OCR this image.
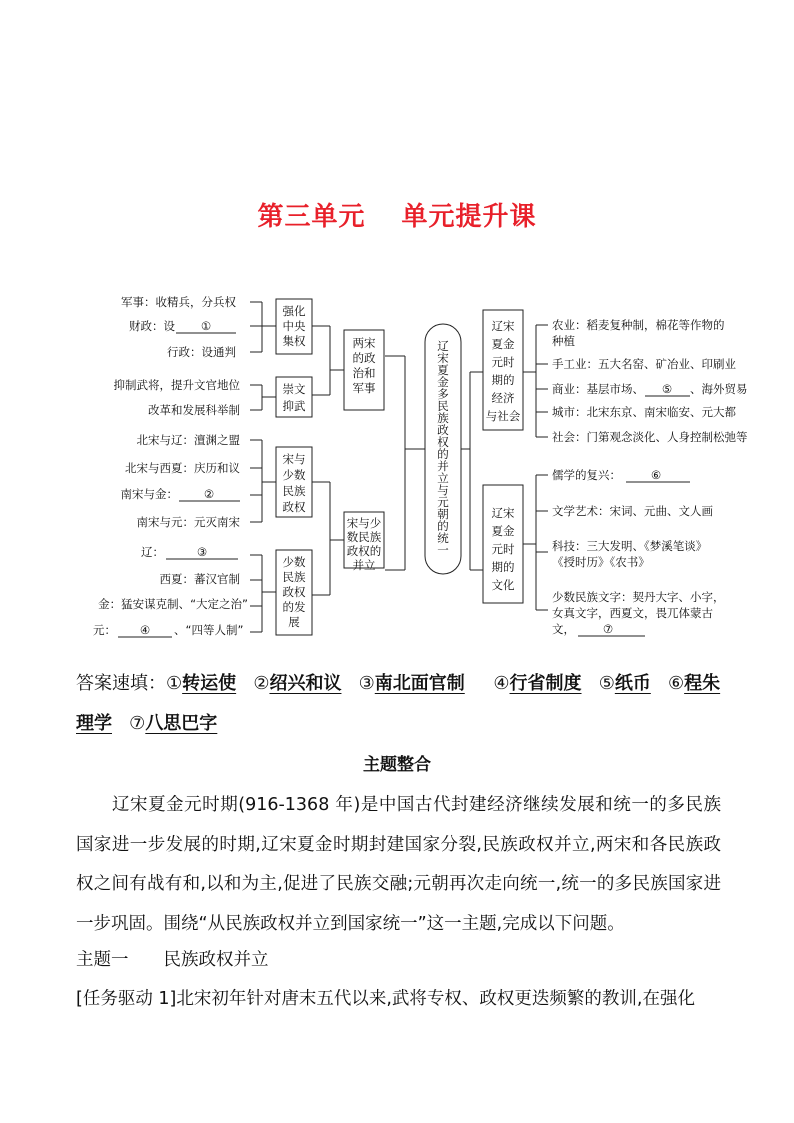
第三单元 单元提升课
辽
宋
夏
金
多
民
族
政
权
的
并
立
与
元
朝
的
统
一
两宋
的政
治和
军事
宋与少
数民族
政权的
并立
强化
中央
集权
军事：收精兵，分兵权
财政：设 ①
行政：设通判
崇文
抑武
抑制武将，提升文官地位
改革和发展科举制
宋与
少数
民族
政权
北宋与辽：澶渊之盟
北宋与西夏：庆历和议
南宋与金： ②
南宋与元：元灭南宋
少数
民族
政权
的发
展
辽：	③
西夏：蕃汉官制
金：猛安谋克制、“大定之治”
元： ④ 、“四等人制”
辽宋
夏金
元时
期的
经济
与社会
农业：稻麦复种制，棉花等作物的
种植
手工业：五大名窑、矿冶业、印刷业
商业：基层市场、 ⑤ 、海外贸易
城市：北宋东京、南宋临安、元大都
社会：门第观念淡化、人身控制松弛等
辽宋
夏金
元时
期的
文化
儒学的复兴：	⑥
文学艺术：宋词、元曲、文人画
科技：三大发明、《梦溪笔谈》
《授时历》《农书》
少数民族文字：契丹大字、小字，
女真文字，西夏文，畏兀体蒙古
文， ⑦
答案速填：①转运使 ②绍兴和议 ③南北面官制 ④行省制度 ⑤纸币 ⑥程朱理学 ⑦八思巴字
主题整合
辽宋夏金元时期(916-1368 年)是中国古代封建经济继续发展和统一的多民族国家进一步发展的时期,辽宋夏金时期封建国家分裂,民族政权并立,两宋和各民族政权之间有战有和,以和为主,促进了民族交融;元朝再次走向统一,统一的多民族国家进一步巩固。围绕“从民族政权并立到国家统一”这一主题,完成以下问题。
主题一　　民族政权并立
[任务驱动 1]北宋初年针对唐末五代以来,武将专权、政权更迭频繁的教训,在强化
